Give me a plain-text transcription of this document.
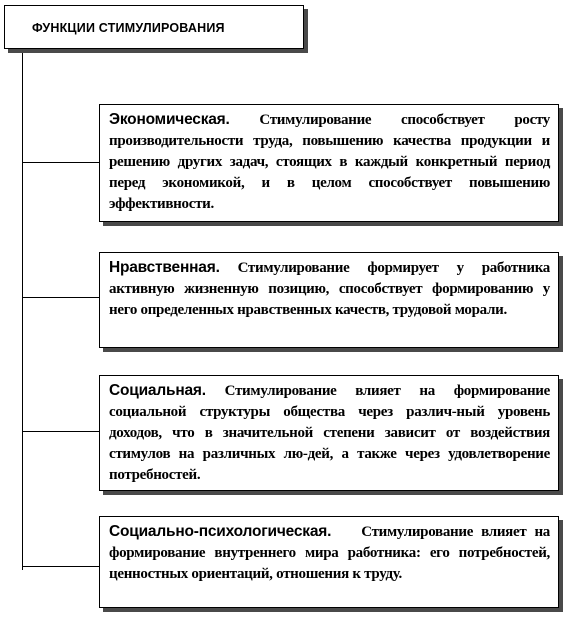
ФУНКЦИИ СТИМУЛИРОВАНИЯ
Экономическая. Стимулирование способствует росту производительности труда, повышению качества продукции и решению других задач, стоящих в каждый конкретный период перед экономикой, и в целом способствует повышению эффективности.
Нравственная. Стимулирование формирует у работника активную жизненную позицию, способствует формированию у него определенных нравственных качеств, трудовой морали.
Социальная. Стимулирование влияет на формирование социальной структуры общества через различ-ный уровень доходов, что в значительной степени зависит от воздействия стимулов на различных лю-дей, а также через удовлетворение потребностей.
Социально-психологическая. Стимулирование влияет на формирование внутреннего мира работника: его потребностей, ценностных ориентаций, отношения к труду.
